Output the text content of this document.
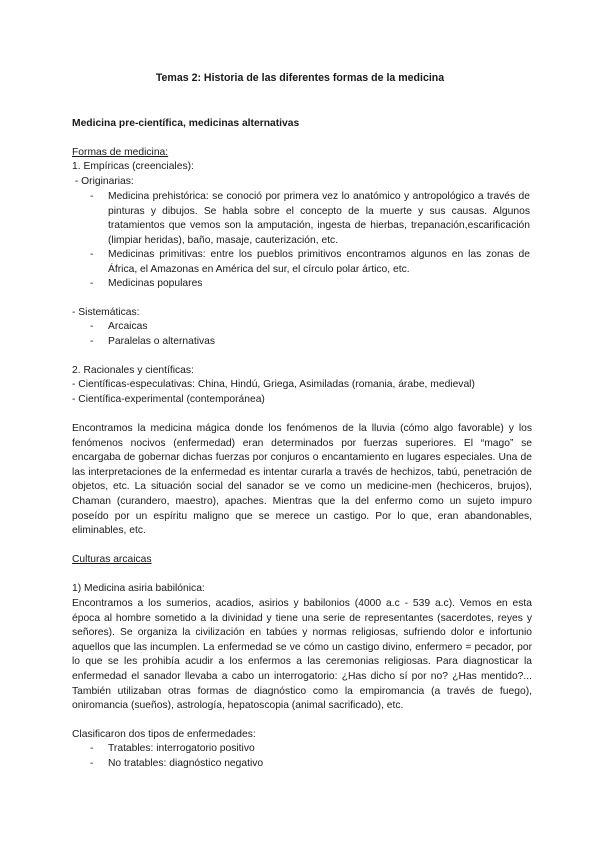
Temas 2: Historia de las diferentes formas de la medicina
Medicina pre-científica, medicinas alternativas
Formas de medicina:
1. Empíricas (creenciales):
- Originarias:
-	Medicina prehistórica: se conoció por primera vez lo anatómico y antropológico a través de pinturas y dibujos. Se habla sobre el concepto de la muerte y sus causas. Algunos tratamientos que vemos son la amputación, ingesta de hierbas, trepanación,escarificación (limpiar heridas), baño, masaje, cauterización, etc.

-	Medicinas primitivas: entre los pueblos primitivos encontramos algunos en las zonas de África, el Amazonas en América del sur, el círculo polar ártico, etc.

-	Medicinas populares

- Sistemáticas:
-	Arcaicas

-	Paralelas o alternativas

2. Racionales y científicas:
- Científicas-especulativas: China, Hindú, Griega, Asimiladas (romania, árabe, medieval)
- Científica-experimental (contemporánea)

Encontramos la medicina mágica donde los fenómenos de la lluvia (cómo algo favorable) y los fenómenos nocivos (enfermedad) eran determinados por fuerzas superiores. El “mago” se encargaba de gobernar dichas fuerzas por conjuros o encantamiento en lugares especiales. Una de las interpretaciones de la enfermedad es intentar curarla a través de hechizos, tabú, penetración de objetos, etc. La situación social del sanador se ve como un medicine-men (hechiceros, brujos), Chaman (curandero, maestro), apaches. Mientras que la del enfermo como un sujeto impuro poseído por un espíritu maligno que se merece un castigo. Por lo que, eran abandonables, eliminables, etc.

Culturas arcaicas
1) Medicina asiria babilónica:

Encontramos a los sumerios, acadios, asirios y babilonios (4000 a.c - 539 a.c). Vemos en esta época al hombre sometido a la divinidad y tiene una serie de representantes (sacerdotes, reyes y señores). Se organiza la civilización en tabúes y normas religiosas, sufriendo dolor e infortunio aquellos que las incumplen. La enfermedad se ve cómo un castigo divino, enfermero = pecador, por lo que se les prohibía acudir a los enfermos a las ceremonias religiosas. Para diagnosticar la enfermedad el sanador llevaba a cabo un interrogatorio: ¿Has dicho sí por no? ¿Has mentido?... También utilizaban otras formas de diagnóstico como la empiromancia (a través de fuego), oniromancia (sueños), astrología, hepatoscopia (animal sacrificado), etc.

Clasificaron dos tipos de enfermedades:
-	Tratables: interrogatorio positivo

-	No tratables: diagnóstico negativo
